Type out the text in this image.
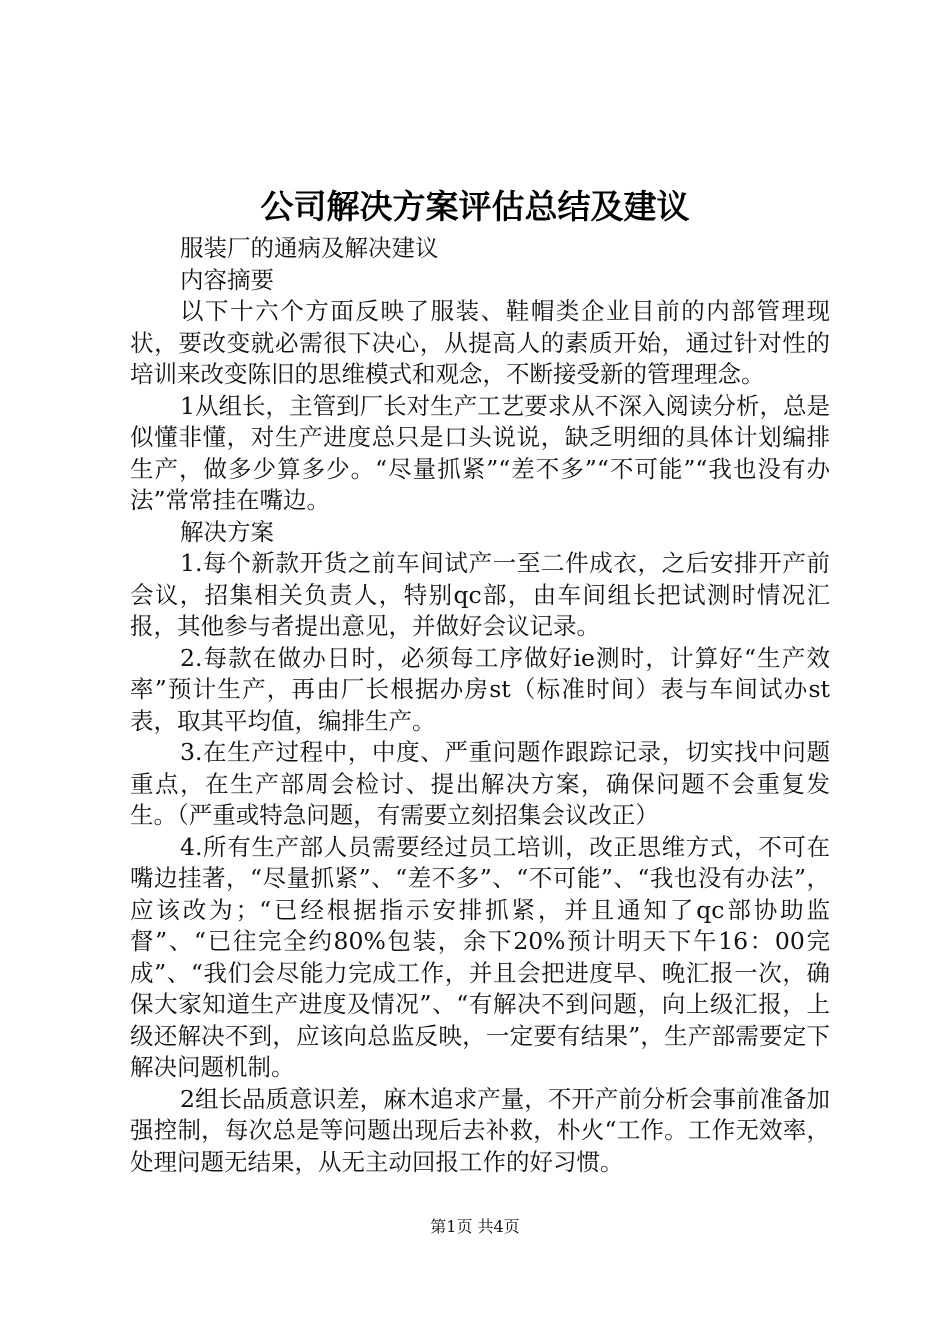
公司解决方案评估总结及建议

服装厂的通病及解决建议

内容摘要

以下十六个方面反映了服装、鞋帽类企业目前的内部管理现状，要改变就必需很下决心，从提高人的素质开始，通过针对性的培训来改变陈旧的思维模式和观念，不断接受新的管理理念。

1从组长，主管到厂长对生产工艺要求从不深入阅读分析，总是似懂非懂，对生产进度总只是口头说说，缺乏明细的具体计划编排生产，做多少算多少。“尽量抓紧”“差不多”“不可能”“我也没有办法”常常挂在嘴边。

解决方案

1.每个新款开货之前车间试产一至二件成衣，之后安排开产前会议，招集相关负责人，特别qc部，由车间组长把试测时情况汇报，其他参与者提出意见，并做好会议记录。

2.每款在做办日时，必须每工序做好ie测时，计算好“生产效率”预计生产，再由厂长根据办房st（标准时间）表与车间试办st表，取其平均值，编排生产。

3.在生产过程中，中度、严重问题作跟踪记录，切实找中问题重点，在生产部周会检讨、提出解决方案，确保问题不会重复发生。（严重或特急问题，有需要立刻招集会议改正）

4.所有生产部人员需要经过员工培训，改正思维方式，不可在嘴边挂著，“尽量抓紧”、“差不多”、“不可能”、“我也没有办法”，应该改为；“已经根据指示安排抓紧，并且通知了qc部协助监督”、“已往完全约80%包装，余下20%预计明天下午16：00完成”、“我们会尽能力完成工作，并且会把进度早、晚汇报一次，确保大家知道生产进度及情况”、“有解决不到问题，向上级汇报，上级还解决不到，应该向总监反映，一定要有结果”，生产部需要定下解决问题机制。

2组长品质意识差，麻木追求产量，不开产前分析会事前准备加强控制，每次总是等问题出现后去补救，朴火“工作。工作无效率，处理问题无结果，从无主动回报工作的好习惯。

第1页 共4页
